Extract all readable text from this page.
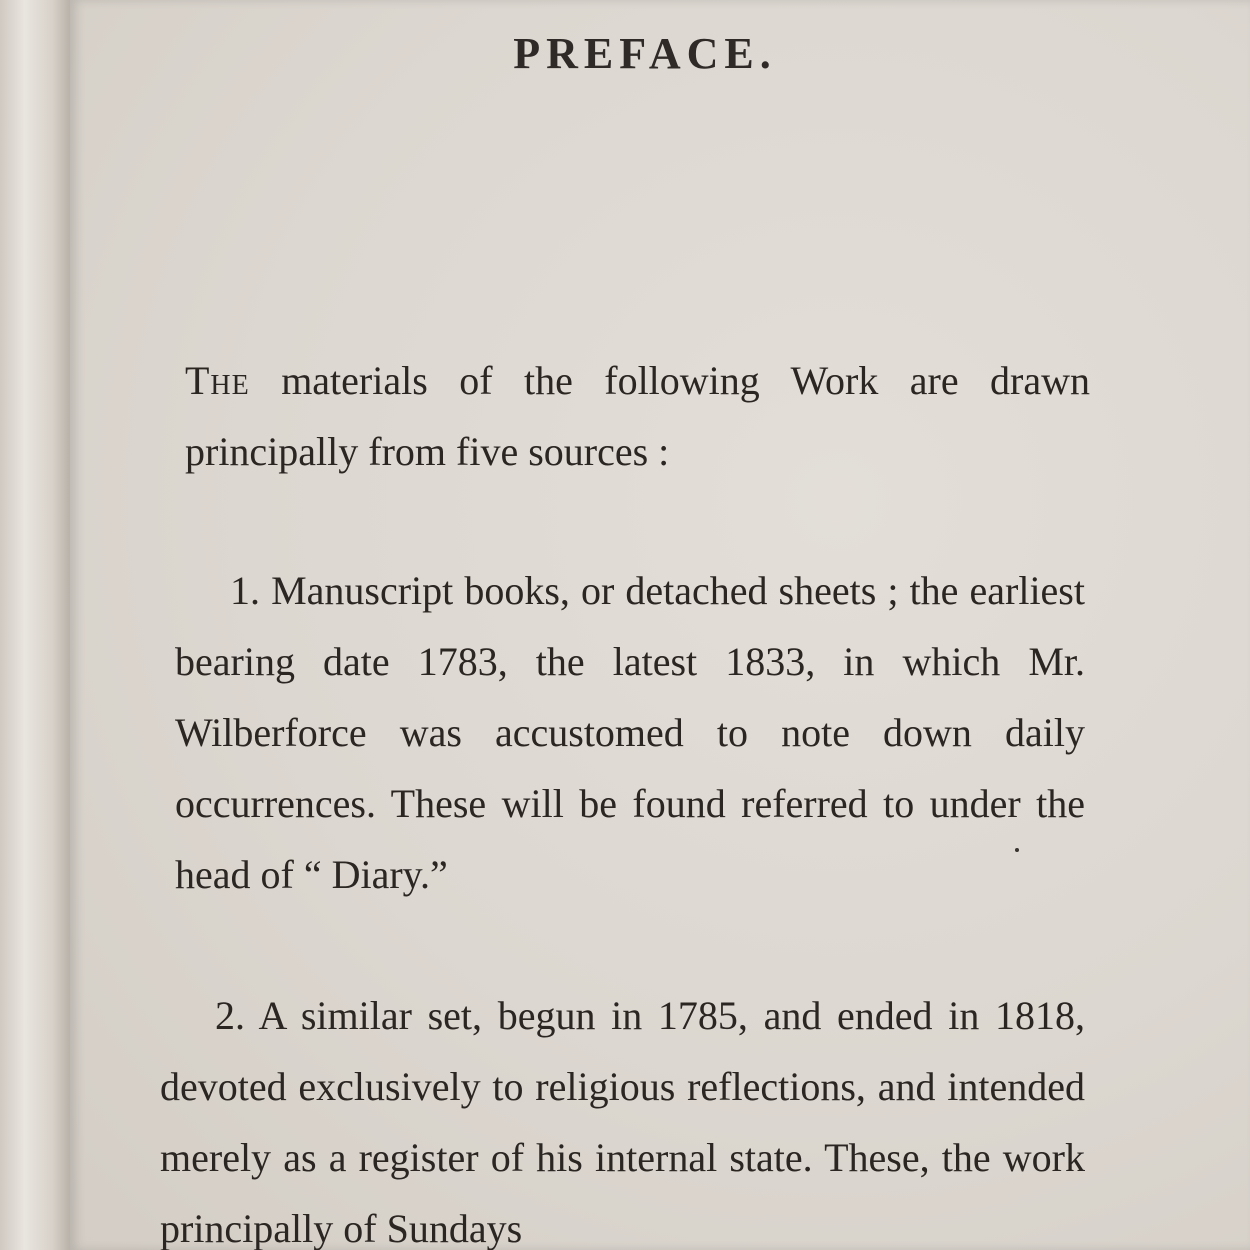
PREFACE.

The materials of the following Work are drawn principally from five sources :

1. Manuscript books, or detached sheets ; the earliest bearing date 1783, the latest 1833, in which Mr. Wilberforce was accustomed to note down daily occurrences. These will be found referred to under the head of “ Diary.”

2. A similar set, begun in 1785, and ended in 1818, devoted exclusively to religious reflections, and intended merely as a register of his internal state. These, the work principally of Sundays
